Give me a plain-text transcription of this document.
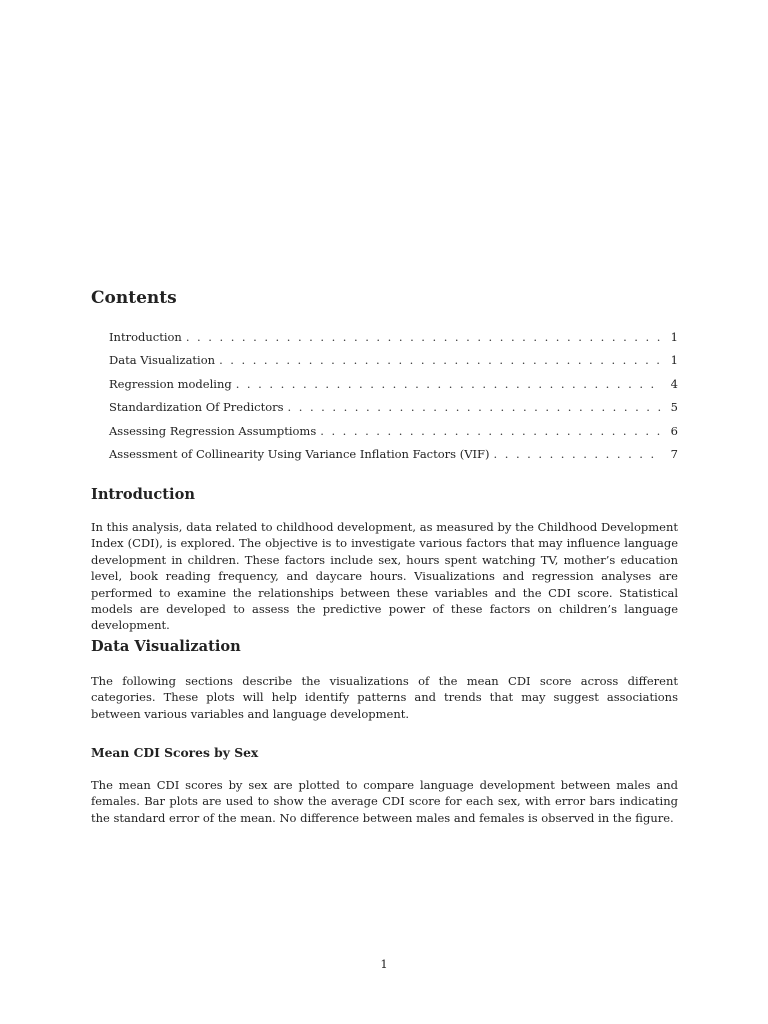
Contents
Introduction . . .	1
Data Visualization . . .	1
Regression modeling . . .	4
Standardization Of Predictors . . .	5
Assessing Regression Assumptioms . . .	6
Assessment of Collinearity Using Variance Inflation Factors (VIF) . . .	7
Introduction

In this analysis, data related to childhood development, as measured by the Childhood Development Index (CDI), is explored. The objective is to investigate various factors that may influence language development in children. These factors include sex, hours spent watching TV, mother’s education level, book reading frequency, and daycare hours. Visualizations and regression analyses are performed to examine the relationships between these variables and the CDI score. Statistical models are developed to assess the predictive power of these factors on children’s language development.

Data Visualization

The following sections describe the visualizations of the mean CDI score across different categories. These plots will help identify patterns and trends that may suggest associations between various variables and language development.

Mean CDI Scores by Sex

The mean CDI scores by sex are plotted to compare language development between males and females. Bar plots are used to show the average CDI score for each sex, with error bars indicating the standard error of the mean. No difference between males and females is observed in the figure.

1
